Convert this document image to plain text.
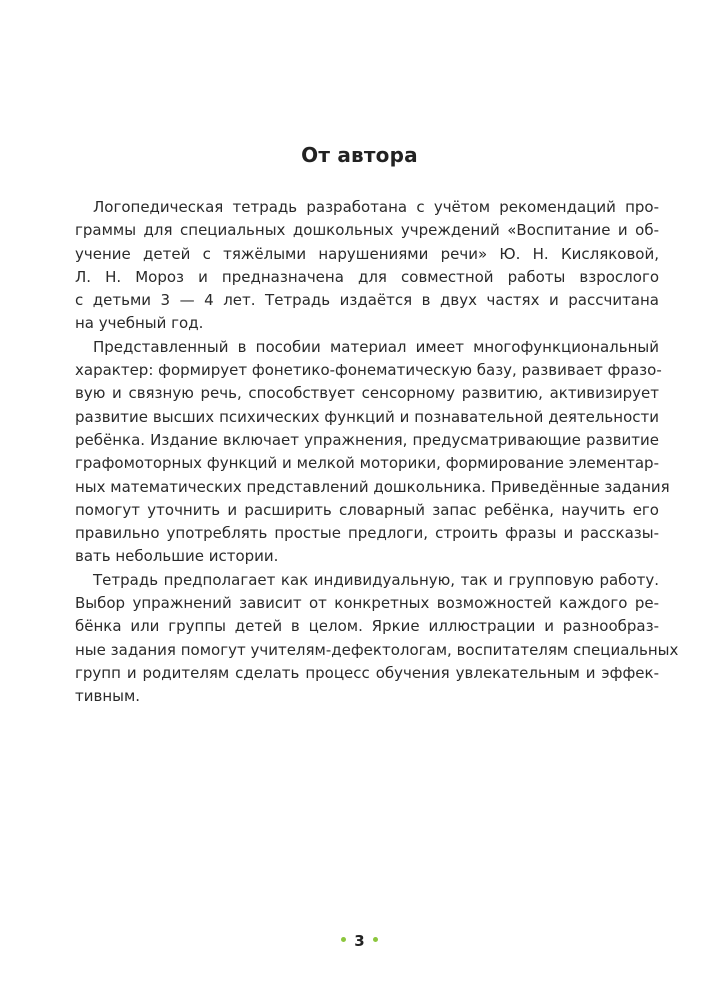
От автора
Логопедическая тетрадь разработана с учётом рекомендаций про-
граммы для специальных дошкольных учреждений «Воспитание и об-
учение детей с тяжёлыми нарушениями речи» Ю. Н. Кисляковой,
Л. Н. Мороз и предназначена для совместной работы взрослого
с детьми 3 — 4 лет. Тетрадь издаётся в двух частях и рассчитана
на учебный год.
Представленный в пособии материал имеет многофункциональный
характер: формирует фонетико-фонематическую базу, развивает фразо-
вую и связную речь, способствует сенсорному развитию, активизирует
развитие высших психических функций и познавательной деятельности
ребёнка. Издание включает упражнения, предусматривающие развитие
графомоторных функций и мелкой моторики, формирование элементар-
ных математических представлений дошкольника. Приведённые задания
помогут уточнить и расширить словарный запас ребёнка, научить его
правильно употреблять простые предлоги, строить фразы и рассказы-
вать небольшие истории.
Тетрадь предполагает как индивидуальную, так и групповую работу.
Выбор упражнений зависит от конкретных возможностей каждого ре-
бёнка или группы детей в целом. Яркие иллюстрации и разнообраз-
ные задания помогут учителям-дефектологам, воспитателям специальных
групп и родителям сделать процесс обучения увлекательным и эффек-
тивным.
3
